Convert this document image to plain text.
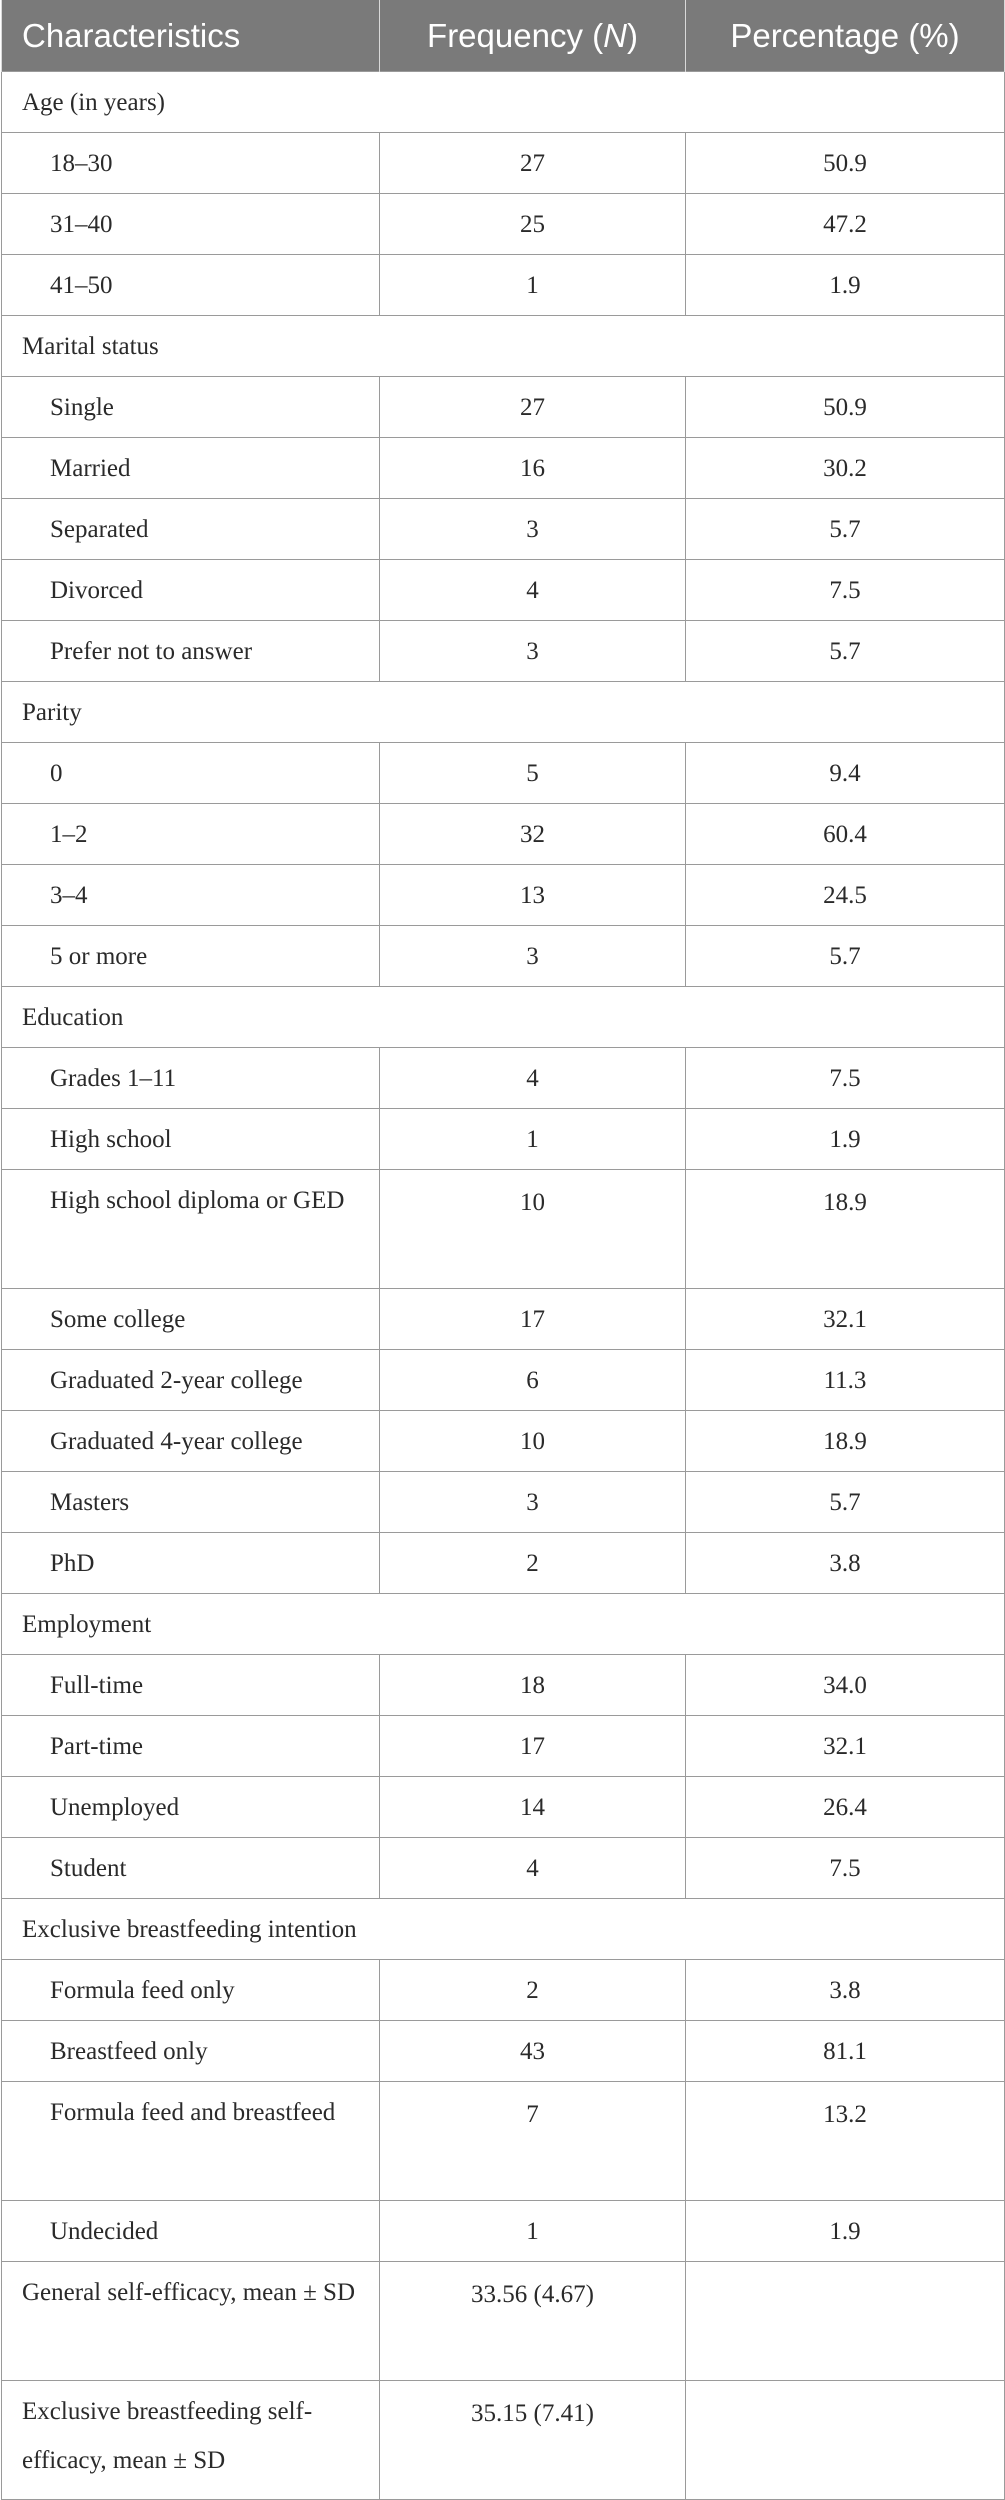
Characteristics	Frequency (N)	Percentage (%)
Age (in years)		
18–30	27	50.9
31–40	25	47.2
41–50	1	1.9
Marital status		
Single	27	50.9
Married	16	30.2
Separated	3	5.7
Divorced	4	7.5
Prefer not to answer	3	5.7
Parity		
0	5	9.4
1–2	32	60.4
3–4	13	24.5
5 or more	3	5.7
Education		
Grades 1–11	4	7.5
High school	1	1.9
High school diploma or GED	10	18.9
Some college	17	32.1
Graduated 2-year college	6	11.3
Graduated 4-year college	10	18.9
Masters	3	5.7
PhD	2	3.8
Employment		
Full-time	18	34.0
Part-time	17	32.1
Unemployed	14	26.4
Student	4	7.5
Exclusive breastfeeding intention		
Formula feed only	2	3.8
Breastfeed only	43	81.1
Formula feed and breastfeed	7	13.2
Undecided	1	1.9
General self-efficacy, mean ± SD	33.56 (4.67)	
Exclusive breastfeeding self-efficacy, mean ± SD	35.15 (7.41)	
